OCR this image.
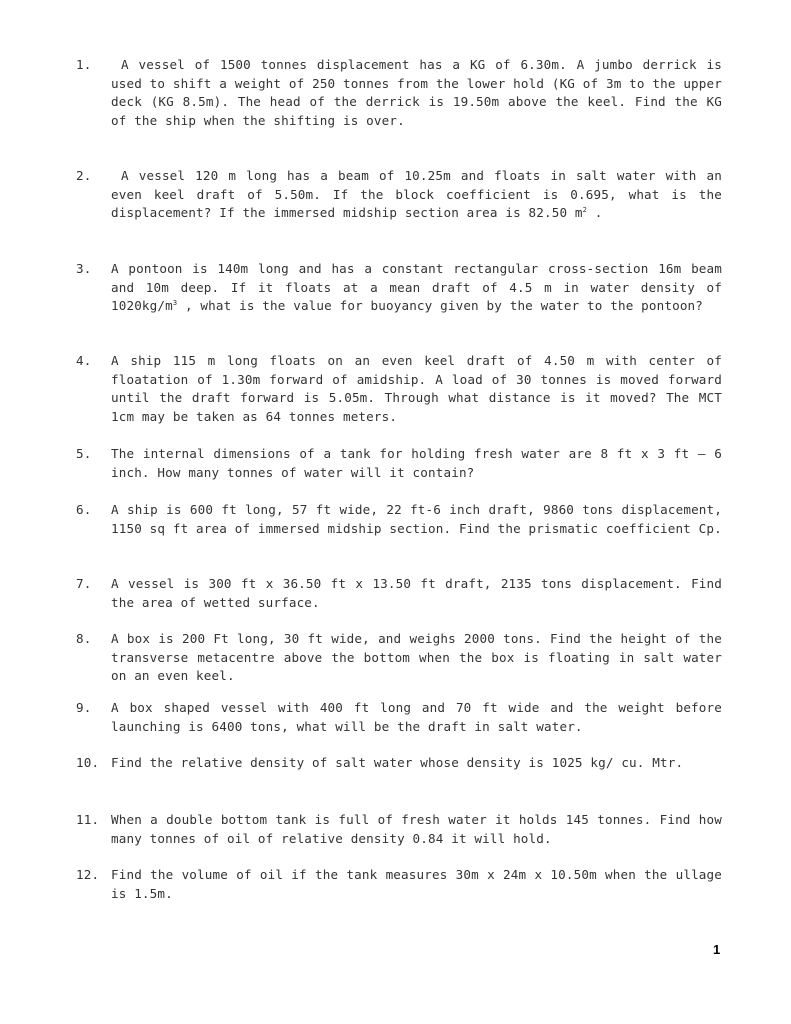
1.	A vessel of 1500 tonnes displacement has a KG of 6.30m. A jumbo derrick is used to shift a weight of 250 tonnes from the lower hold (KG of 3m to the upper deck (KG 8.5m). The head of the derrick is 19.50m above the keel. Find the KG of the ship when the shifting is over.
2.	A vessel 120 m long has a beam of 10.25m and floats in salt water with an even keel draft of 5.50m. If the block coefficient is 0.695, what is the displacement? If the immersed midship section area is 82.50 $m^2$ .
3. A pontoon is 140m long and has a constant rectangular cross-section 16m beam and 10m deep. If it floats at a mean draft of 4.5 m in water density of $1020kg/m^3$ , what is the value for buoyancy given by the water to the pontoon?
4. A ship 115 m long floats on an even keel draft of 4.50 m with center of floatation of 1.30m forward of amidship. A load of 30 tonnes is moved forward until the draft forward is 5.05m. Through what distance is it moved? The MCT 1cm may be taken as 64 tonnes meters.
5. The internal dimensions of a tank for holding fresh water are 8 ft x 3 ft – 6 inch. How many tonnes of water will it contain?
6. A ship is 600 ft long, 57 ft wide, 22 ft-6 inch draft, 9860 tons displacement, 1150 sq ft area of immersed midship section. Find the prismatic coefficient Cp.
7. A vessel is 300 ft x 36.50 ft x 13.50 ft draft, 2135 tons displacement. Find the area of wetted surface.
8. A box is 200 Ft long, 30 ft wide, and weighs 2000 tons. Find the height of the transverse metacentre above the bottom when the box is floating in salt water on an even keel.
9. A box shaped vessel with 400 ft long and 70 ft wide and the weight before launching is 6400 tons, what will be the draft in salt water.
10. Find the relative density of salt water whose density is 1025 kg/ cu. Mtr.
11. When a double bottom tank is full of fresh water it holds 145 tonnes. Find how many tonnes of oil of relative density 0.84 it will hold.
12. Find the volume of oil if the tank measures 30m x 24m x 10.50m when the ullage is 1.5m.
1
